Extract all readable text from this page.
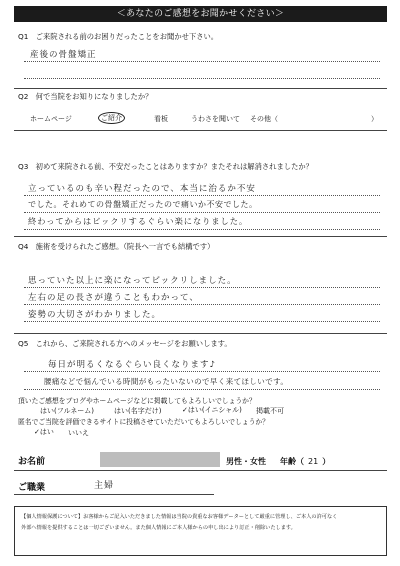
＜あなたのご感想をお聞かせください＞
Q1　ご来院される前のお困りだったことをお聞かせ下さい。
産後の骨盤矯正
Q2　何で当院をお知りになりましたか？
ホームページ	ご紹介	看板	うわさを聞いて その他（	）
Q3　初めて来院される前、不安だったことはありますか？またそれは解消されましたか？
立っているのも辛い程だったので、本当に治るか不安
でした。それめての骨盤矯正だったので痛いか不安でした。
終わってからはビックリするぐらい楽になりました。
Q4　施術を受けられたご感想。（院長へ一言でも結構です）
思っていた以上に楽になってビックリしました。
左右の足の長さが違うこともわかって、
姿勢の大切さがわかりました。
Q5　これから、ご来院される方へのメッセージをお願いします。
毎日が明るくなるぐらい良くなります♪
腰痛などで悩んでいる時間がもったいないので早く来てほしいです。
頂いたご感想をブログやホームページなどに掲載してもよろしいでしょうか？
はい(フルネーム)	はい(名字だけ)	✓はい(イニシャル) 掲載不可
匿名でご当院を評価できるサイトに投稿させていただいてもよろしいでしょうか？
✓はい いいえ
お名前	男性・女性 年齢（ 21 ）
ご職業	主婦
【個人情報保護について】お客様からご記入いただきました情報は当院の貴重なお客様データーとして厳重に管理し、ご本人の許可なく
外部へ情報を提供することは一切ございません。また個人情報にご本人様からの申し出により訂正・削除いたします。
